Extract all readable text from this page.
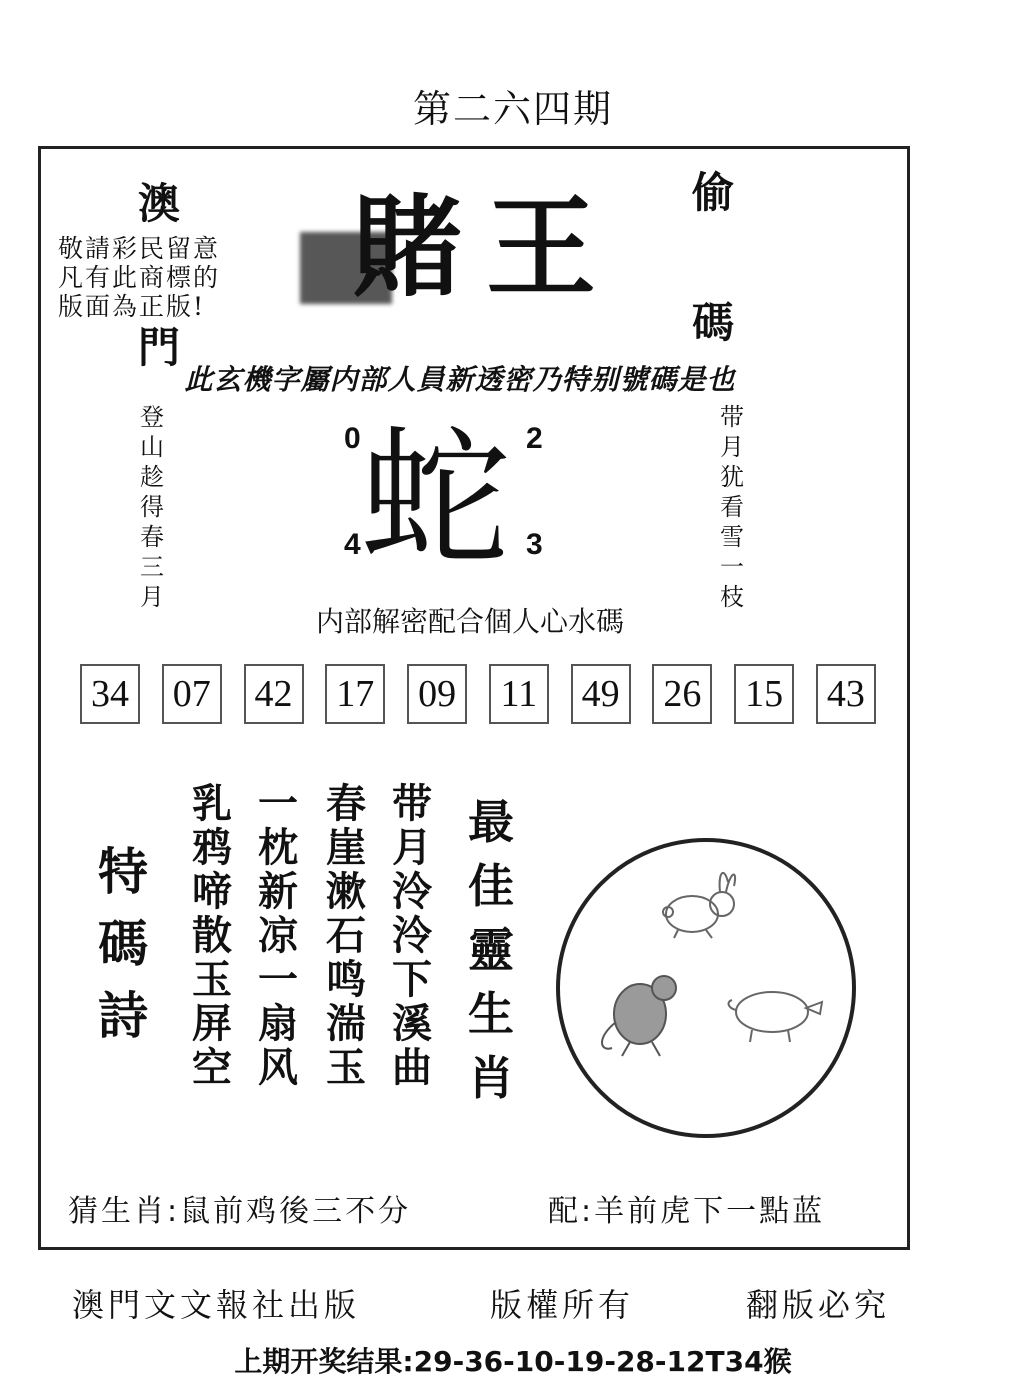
第二六四期
澳
門
偷
碼
敬請彩民留意
凡有此商標的
版面為正版!	賭王
此玄機字屬内部人員新透密乃特别號碼是也
登
山
趁
得
春
三
月
带
月
犹
看
雪
一
枝
蛇
0	2
4	3
内部解密配合個人心水碼
34 07 42 17 09	11	49 26 15 43
特
碼
詩
乳
鸦
啼
散
玉
屏
空
一
枕
新
凉
一
扇
风
春
崖
漱
石
鸣
湍
玉
带
月
泠
泠
下
溪
曲
最
佳
靈
生
肖
猜生肖:鼠前鸡後三不分	配:羊前虎下一點蓝
澳門文文報社出版	版權所有	翻版必究
上期开奖结果:29-36-10-19-28-12T34猴
